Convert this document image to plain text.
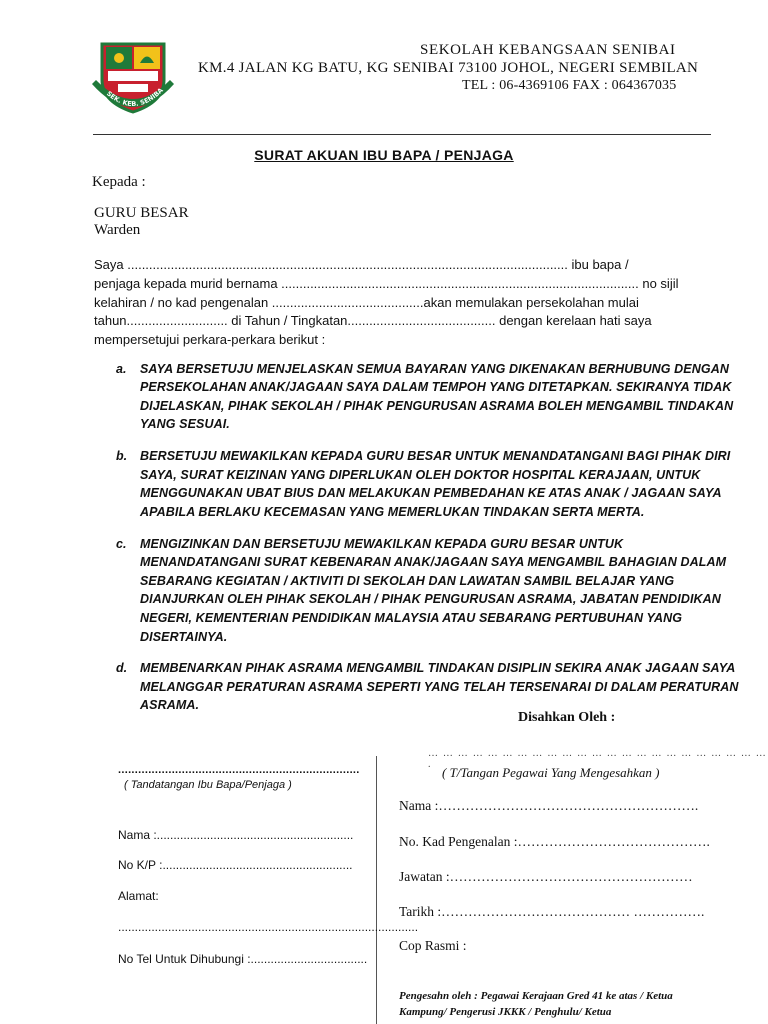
SEK. KEB. SENIBA
SEKOLAH KEBANGSAAN SENIBAI
KM.4 JALAN KG BATU, KG SENIBAI 73100 JOHOL, NEGERI SEMBILAN
TEL : 06-4369106 FAX : 064367035
SURAT AKUAN IBU BAPA / PENJAGA
Kepada :
GURU BESAR
Warden
Saya .......................................................................................................................... ibu bapa /
penjaga kepada murid bernama ................................................................................................... no sijil
kelahiran / no kad pengenalan ..........................................akan memulakan persekolahan mulai
tahun............................ di Tahun / Tingkatan......................................... dengan kerelaan hati saya
mempersetujui perkara-perkara berikut :
a. SAYA BERSETUJU MENJELASKAN SEMUA BAYARAN YANG DIKENAKAN BERHUBUNG DENGAN
PERSEKOLAHAN ANAK/JAGAAN SAYA DALAM TEMPOH YANG DITETAPKAN. SEKIRANYA TIDAK
DIJELASKAN, PIHAK SEKOLAH / PIHAK PENGURUSAN ASRAMA BOLEH MENGAMBIL TINDAKAN
YANG SESUAI.
b. BERSETUJU MEWAKILKAN KEPADA GURU BESAR UNTUK MENANDATANGANI BAGI PIHAK DIRI
SAYA, SURAT KEIZINAN YANG DIPERLUKAN OLEH DOKTOR HOSPITAL KERAJAAN, UNTUK
MENGGUNAKAN UBAT BIUS DAN MELAKUKAN PEMBEDAHAN KE ATAS ANAK / JAGAAN SAYA
APABILA BERLAKU KECEMASAN YANG MEMERLUKAN TINDAKAN SERTA MERTA.
c. MENGIZINKAN DAN BERSETUJU MEWAKILKAN KEPADA GURU BESAR UNTUK
MENANDATANGANI SURAT KEBENARAN ANAK/JAGAAN SAYA MENGAMBIL BAHAGIAN DALAM
SEBARANG KEGIATAN / AKTIVITI DI SEKOLAH DAN LAWATAN SAMBIL BELAJAR YANG
DIANJURKAN OLEH PIHAK SEKOLAH / PIHAK PENGURUSAN ASRAMA, JABATAN PENDIDIKAN
NEGERI, KEMENTERIAN PENDIDIKAN MALAYSIA ATAU SEBARANG PERTUBUHAN YANG
DISERTAINYA.
d. MEMBENARKAN PIHAK ASRAMA MENGAMBIL TINDAKAN DISIPLIN SEKIRA ANAK JAGAAN SAYA
MELANGGAR PERATURAN ASRAMA SEPERTI YANG TELAH TERSENARAI DI DALAM PERATURAN
ASRAMA.
Disahkan Oleh :
… … … … … … … … … … … … … … … … … … … … … … … .
( T/Tangan Pegawai Yang Mengesahkan )
........................................................................
( Tandatangan Ibu Bapa/Penjaga )
Nama :...........................................................
No K/P :.........................................................
Alamat:
..........................................................................................
No Tel Untuk Dihubungi :...................................
Nama :………………………………………………….
No. Kad Pengenalan :…………………………………….
Jawatan :………………………………………………
Tarikh :…………………………………… …………….
Cop Rasmi :
Pengesahn oleh : Pegawai Kerajaan Gred 41 ke atas / Ketua
Kampung/ Pengerusi JKKK / Penghulu/ Ketua
